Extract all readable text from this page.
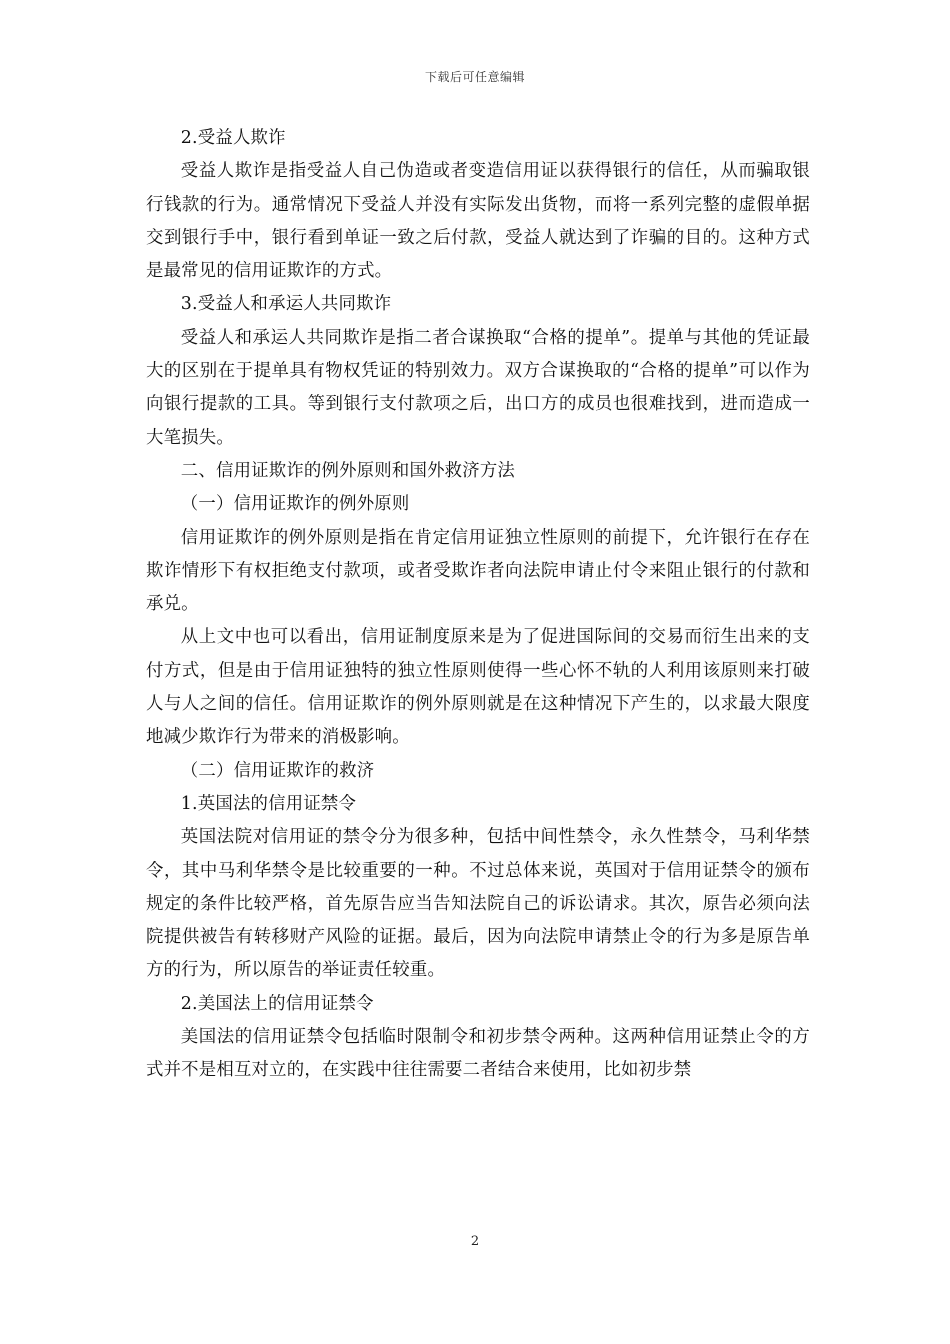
下载后可任意编辑

2.受益人欺诈

受益人欺诈是指受益人自己伪造或者变造信用证以获得银行的信任，从而骗取银行钱款的行为。通常情况下受益人并没有实际发出货物，而将一系列完整的虚假单据交到银行手中，银行看到单证一致之后付款，受益人就达到了诈骗的目的。这种方式是最常见的信用证欺诈的方式。

3.受益人和承运人共同欺诈

受益人和承运人共同欺诈是指二者合谋换取“合格的提单”。提单与其他的凭证最大的区别在于提单具有物权凭证的特别效力。双方合谋换取的“合格的提单”可以作为向银行提款的工具。等到银行支付款项之后，出口方的成员也很难找到，进而造成一大笔损失。

二、信用证欺诈的例外原则和国外救济方法

（一）信用证欺诈的例外原则

信用证欺诈的例外原则是指在肯定信用证独立性原则的前提下，允许银行在存在欺诈情形下有权拒绝支付款项，或者受欺诈者向法院申请止付令来阻止银行的付款和承兑。

从上文中也可以看出，信用证制度原来是为了促进国际间的交易而衍生出来的支付方式，但是由于信用证独特的独立性原则使得一些心怀不轨的人利用该原则来打破人与人之间的信任。信用证欺诈的例外原则就是在这种情况下产生的，以求最大限度地减少欺诈行为带来的消极影响。

（二）信用证欺诈的救济

1.英国法的信用证禁令

英国法院对信用证的禁令分为很多种，包括中间性禁令，永久性禁令，马利华禁令，其中马利华禁令是比较重要的一种。不过总体来说，英国对于信用证禁令的颁布规定的条件比较严格，首先原告应当告知法院自己的诉讼请求。其次，原告必须向法院提供被告有转移财产风险的证据。最后，因为向法院申请禁止令的行为多是原告单方的行为，所以原告的举证责任较重。

2.美国法上的信用证禁令

美国法的信用证禁令包括临时限制令和初步禁令两种。这两种信用证禁止令的方式并不是相互对立的，在实践中往往需要二者结合来使用，比如初步禁

2
